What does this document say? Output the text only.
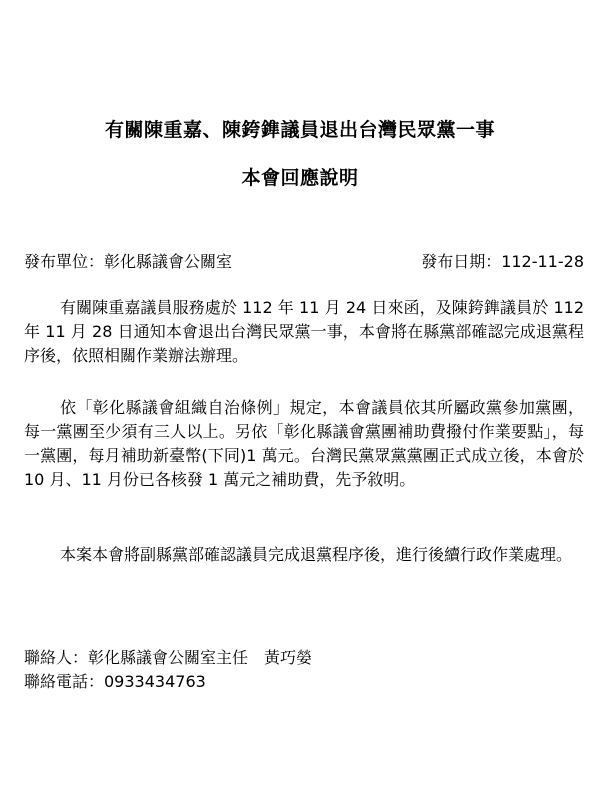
有關陳重嘉、陳銙鎨議員退出台灣民眾黨一事
本會回應說明
發布單位：彰化縣議會公關室	發布日期：112-11-28

有關陳重嘉議員服務處於 112 年 11 月 24 日來函，及陳銙鎨議員於 112 年 11 月 28 日通知本會退出台灣民眾黨一事，本會將在縣黨部確認完成退黨程序後，依照相關作業辦法辦理。

依「彰化縣議會組織自治條例」規定，本會議員依其所屬政黨參加黨團，每一黨團至少須有三人以上。另依「彰化縣議會黨團補助費撥付作業要點」，每一黨團，每月補助新臺幣(下同)1 萬元。台灣民黨眾黨黨團正式成立後，本會於 10 月、11 月份已各核發 1 萬元之補助費，先予敘明。

本案本會將副縣黨部確認議員完成退黨程序後，進行後續行政作業處理。

聯絡人：彰化縣議會公關室主任　黃巧嫈
聯絡電話：0933434763
